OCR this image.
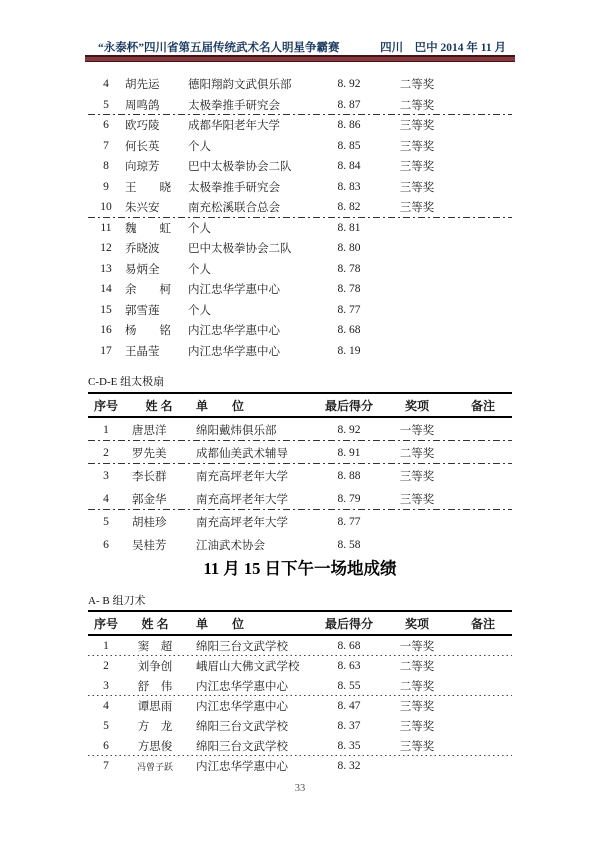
“永泰杯”四川省第五届传统武术名人明星争霸赛	四川　巴中 2014 年 11 月
4	胡先运	德阳翔韵文武俱乐部	8. 92	二等奖
5	周鸣鸽	太极拳推手研究会	8. 87	二等奖
6	欧巧陵	成都华阳老年大学	8. 86	三等奖
7	何长英	个人	8. 85	三等奖
8	向琼芳	巴中太极拳协会二队	8. 84	三等奖
9	王　　晓	太极拳推手研究会	8. 83	三等奖
10	朱兴安	南充松溪联合总会	8. 82	三等奖
11	魏　　虹	个人	8. 81
12	乔晓波	巴中太极拳协会二队	8. 80
13	易炳全	个人	8. 78
14	余　　柯	内江忠华学惠中心	8. 78
15	郭雪莲	个人	8. 77
16	杨　　铭	内江忠华学惠中心	8. 68
17	王晶莹	内江忠华学惠中心	8. 19
C-D-E 组太极扇
序号	姓 名	单　　位	最后得分	奖项	备注
1	唐思洋	绵阳戴炜俱乐部	8. 92	一等奖
2	罗先美	成都仙美武术辅导	8. 91	二等奖
3	李长群	南充高坪老年大学	8. 88	三等奖
4	郭金华	南充高坪老年大学	8. 79	三等奖
5	胡桂珍	南充高坪老年大学	8. 77
6	吴桂芳	江油武术协会	8. 58
11 月 15 日下午一场地成绩
A- B 组刀术
序号	姓 名	单　　位	最后得分	奖项	备注
1	窦　超	绵阳三台文武学校	8. 68	一等奖
2	刘争创	峨眉山大佛文武学校	8. 63	二等奖
3	舒　伟	内江忠华学惠中心	8. 55	二等奖
4	谭思雨	内江忠华学惠中心	8. 47	三等奖
5	方　龙	绵阳三台文武学校	8. 37	三等奖
6	方思俊	绵阳三台文武学校	8. 35	三等奖
7	冯曾子跃	内江忠华学惠中心	8. 32
33
